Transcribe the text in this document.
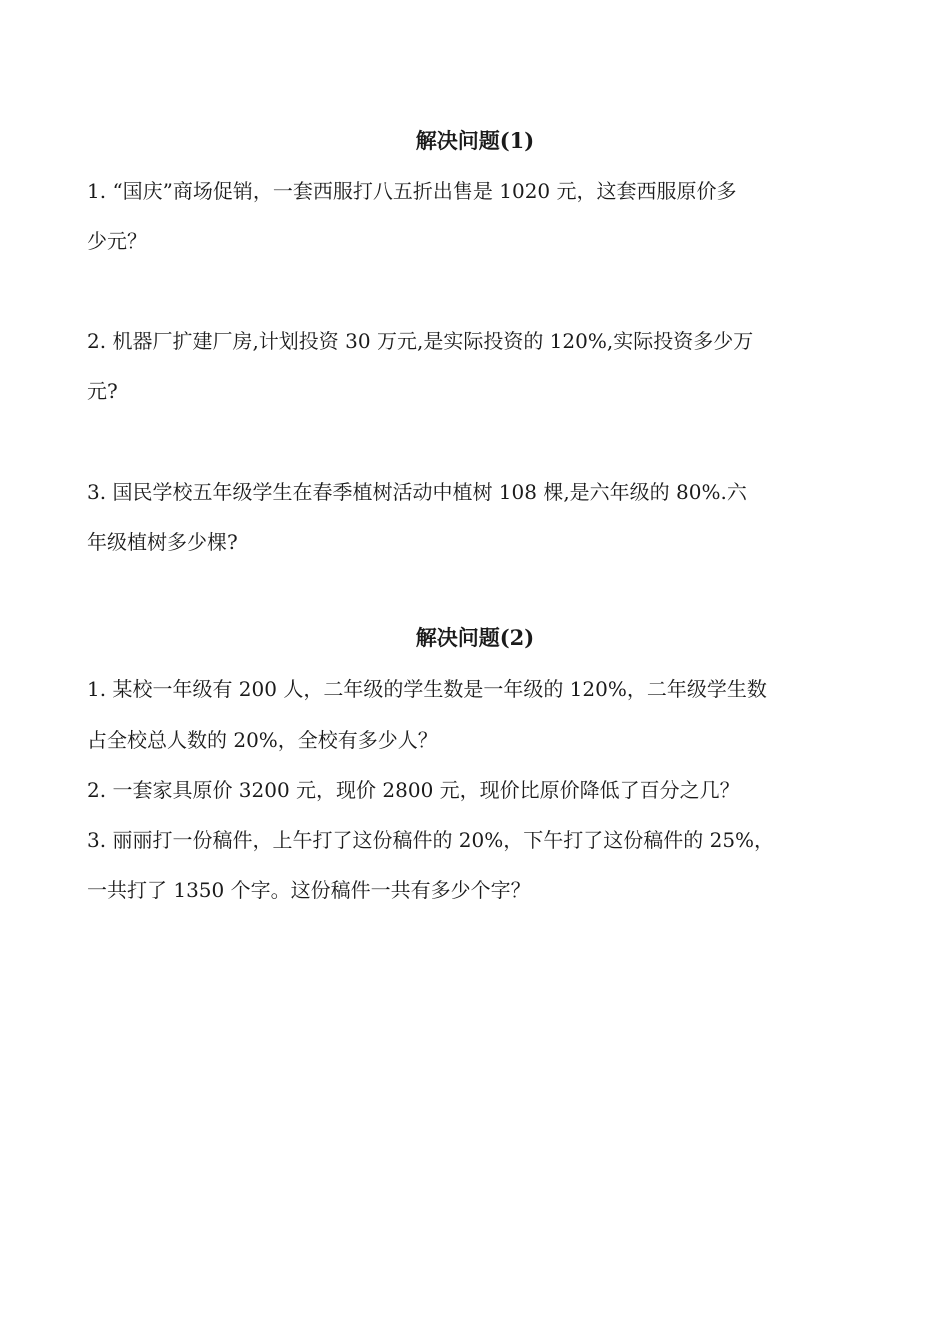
解决问题(1)
1. “国庆”商场促销，一套西服打八五折出售是 1020 元，这套西服原价多
少元？
2. 机器厂扩建厂房,计划投资 30 万元,是实际投资的 120%,实际投资多少万
元?
3. 国民学校五年级学生在春季植树活动中植树 108 棵,是六年级的 80%.六
年级植树多少棵?
解决问题(2)
1. 某校一年级有 200 人，二年级的学生数是一年级的 120%，二年级学生数
占全校总人数的 20%，全校有多少人？
2. 一套家具原价 3200 元，现价 2800 元，现价比原价降低了百分之几？
3. 丽丽打一份稿件，上午打了这份稿件的 20%，下午打了这份稿件的 25%，
一共打了 1350 个字。这份稿件一共有多少个字？
